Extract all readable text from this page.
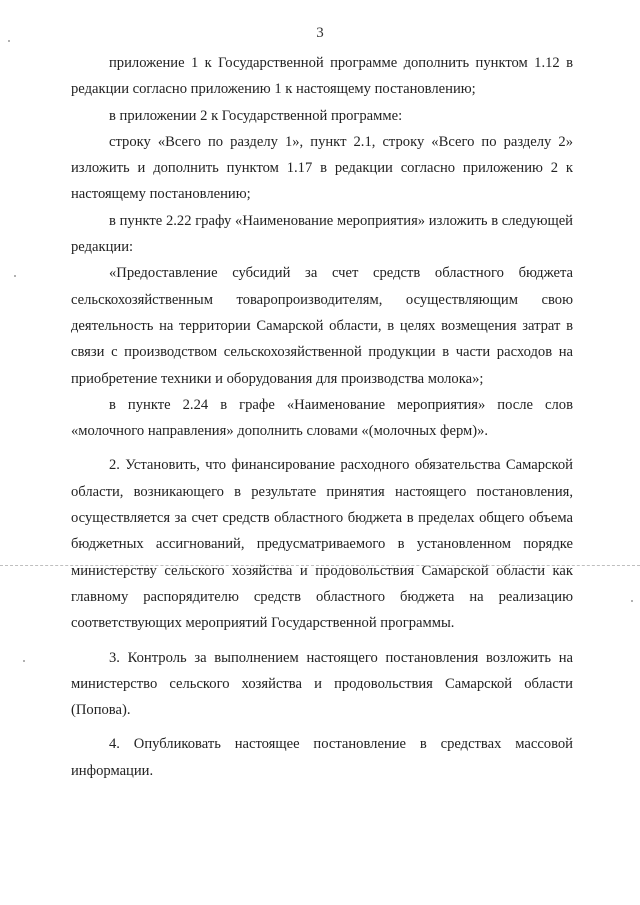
3

приложение 1 к Государственной программе дополнить пунктом 1.12 в редакции согласно приложению 1 к настоящему постановлению;

в приложении 2 к Государственной программе:

строку «Всего по разделу 1», пункт 2.1, строку «Всего по разделу 2» изложить и дополнить пунктом 1.17 в редакции согласно приложению 2 к настоящему постановлению;

в пункте 2.22 графу «Наименование мероприятия» изложить в следующей редакции:

«Предоставление субсидий за счет средств областного бюджета сельскохозяйственным товаропроизводителям, осуществляющим свою деятельность на территории Самарской области, в целях возмещения затрат в связи с производством сельскохозяйственной продукции в части расходов на приобретение техники и оборудования для производства молока»;

в пункте 2.24 в графе «Наименование мероприятия» после слов «молочного направления» дополнить словами «(молочных ферм)».

2. Установить, что финансирование расходного обязательства Самарской области, возникающего в результате принятия настоящего постановления, осуществляется за счет средств областного бюджета в пределах общего объема бюджетных ассигнований, предусматриваемого в установленном порядке министерству сельского хозяйства и продовольствия Самарской области как главному распорядителю средств областного бюджета на реализацию соответствующих мероприятий Государственной программы.

3. Контроль за выполнением настоящего постановления возложить на министерство сельского хозяйства и продовольствия Самарской области (Попова).

4. Опубликовать настоящее постановление в средствах массовой информации.
